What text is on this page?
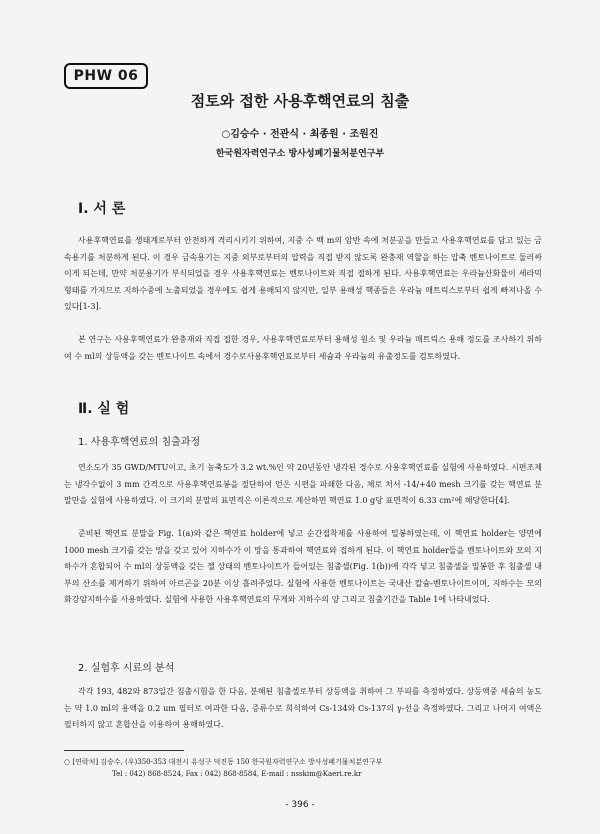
PHW 06
점토와 접한 사용후핵연료의 침출
○김승수 · 전관식 · 최종원 · 조원진
한국원자력연구소 방사성폐기물처분연구부
Ⅰ. 서 론

사용후핵연료를 생태계로부터 안전하게 격리시키기 위하여, 지중 수 백 m의 암반 속에 처분공을 만들고 사용후핵연료를 담고 있는 금속용기를 처분하게 된다. 이 경우 금속용기는 지중 외부로부터의 압력을 직접 받지 않도록 완충재 역할을 하는 압축 벤토나이트로 둘러싸이게 되는데, 만약 처분용기가 부식되었을 경우 사용후핵연료는 벤토나이트와 직접 접하게 된다. 사용후핵연료는 우라늄산화물이 세라믹 형태를 가지므로 지하수중에 노출되었을 경우에도 쉽게 용해되지 않지만, 일부 용해성 핵종들은 우라늄 매트릭스로부터 쉽게 빠져나올 수 있다[1-3].

본 연구는 사용후핵연료가 완충재와 직접 접한 경우, 사용후핵연료로부터 용해성 원소 및 우라늄 매트릭스 용해 정도를 조사하기 위하여 수 ml의 상등액을 갖는 벤토나이트 속에서 경수로사용후핵연료로부터 세슘과 우라늄의 유출정도를 검토하였다.

Ⅱ. 실 험
1. 사용후핵연료의 침출과정

연소도가 35 GWD/MTU이고, 초기 농축도가 3.2 wt.%인 약 20년동안 냉각된 경수로 사용후핵연료를 실험에 사용하였다. 시편조제는 냉각수없이 3 mm 간격으로 사용후핵연료봉을 절단하여 얻은 시편을 파쇄한 다음, 체로 처서 -14/+40 mesh 크기를 갖는 핵연료 분말만을 실험에 사용하였다. 이 크기의 분말의 표면적은 이론적으로 계산하면 핵연료 1.0 g당 표면적이 6.33 cm²에 해당한다[4].

준비된 핵연료 분말을 Fig. 1(a)와 같은 핵연료 holder에 넣고 순간접착제를 사용하여 밀봉하였는데, 이 핵연료 holder는 양면에 1000 mesh 크기를 갖는 망을 갖고 있어 지하수가 이 망을 통과하여 핵연료와 접하게 된다. 이 핵연료 holder들을 벤토나이트와 모의 지하수가 혼합되어 수 ml의 상등액을 갖는 젤 상태의 벤토나이트가 들어있는 침출셀(Fig. 1(b))에 각각 넣고 침출셀을 밀봉한 후 침출셀 내부의 산소를 제거하기 위하여 아르곤을 20분 이상 흘려주었다. 실험에 사용한 벤토나이트는 국내산 칼슘-벤토나이트이며, 지하수는 모의 화강암지하수를 사용하였다. 실험에 사용한 사용후핵연료의 무게와 지하수의 양 그리고 침출기간을 Table 1에 나타내었다.

2. 실험후 시료의 분석

각각 193, 482와 873일간 침출시험을 한 다음, 분해된 침출셀로부터 상등액을 취하여 그 부피를 측정하였다. 상등액중 세슘의 농도는 약 1.0 ml의 용액을 0.2 um 필터로 여과한 다음, 증류수로 희석하여 Cs-134와 Cs-137의 γ-선을 측정하였다. 그리고 나머지 여액은 필터하지 않고 혼합산을 이용하여 용해하였다.

○ [연락처] 김승수, (우)350-353 대전시 유성구 덕진동 150 한국원자력연구소 방사성폐기물처분연구부
Tel : 042) 868-8524, Fax : 042) 868-8584, E-mail : nsskim@Kaeri.re.kr
- 396 -
